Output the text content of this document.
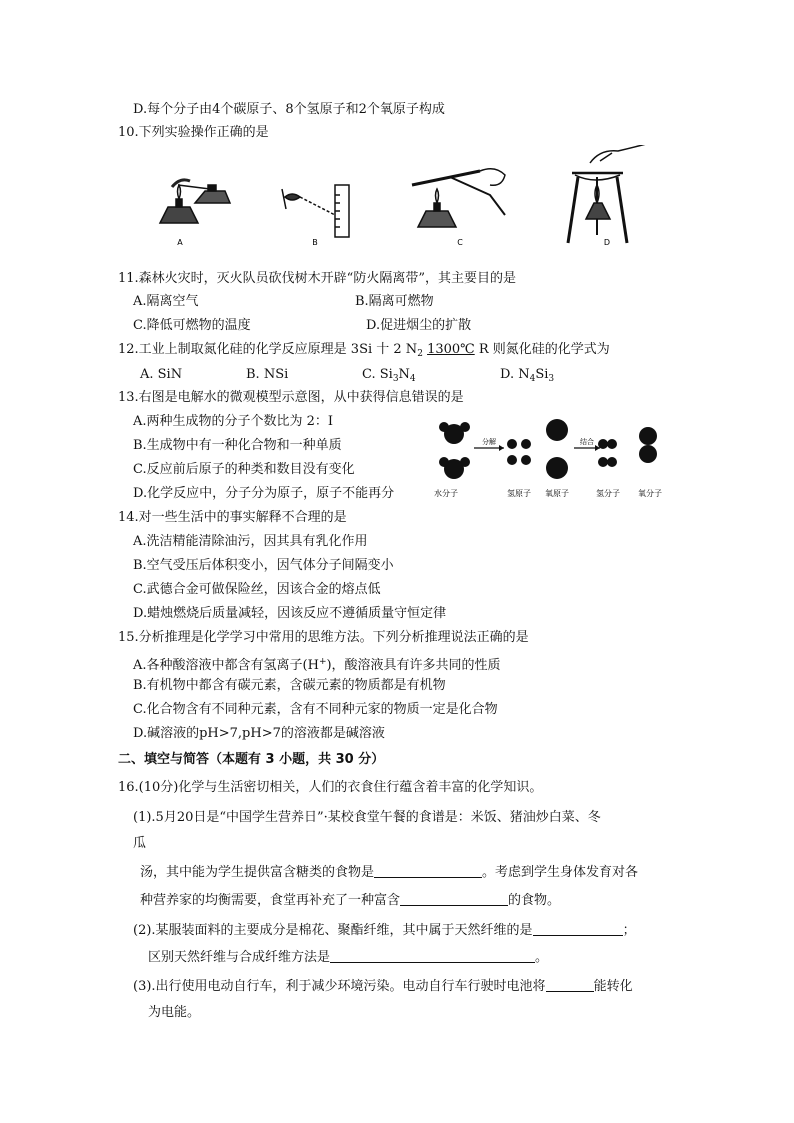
D.每个分子由4个碳原子、8个氢原子和2个氧原子构成
10.下列实验操作正确的是
A	B	C	D
11.森林火灾时，灭火队员砍伐树木开辟“防火隔离带”，其主要目的是
A.隔离空气	B.隔离可燃物
C.降低可燃物的温度	D.促进烟尘的扩散
12.工业上制取氮化硅的化学反应原理是 3Si 十 2 $N_2$ 1300℃ R 则氮化硅的化学式为
A. SiN	B. NSi	C. $Si_3N_4$	D. $N_4Si_3$
13.右图是电解水的微观模型示意图，从中获得信息错误的是
A.两种生成物的分子个数比为 2：I
B.生成物中有一种化合物和一种单质
C.反应前后原子的种类和数目没有变化
D.化学反应中，分子分为原子，原子不能再分
分解	结合
水分子	氢原子 氧原子	氢分子 氧分子
14.对一些生活中的事实解释不合理的是
A.洗洁精能清除油污，因其具有乳化作用
B.空气受压后体积变小，因气体分子间隔变小
C.武德合金可做保险丝，因该合金的熔点低
D.蜡烛燃烧后质量减轻，因该反应不遵循质量守恒定律
15.分析推理是化学学习中常用的思维方法。下列分析推理说法正确的是
A.各种酸溶液中都含有氢离子(H+)，酸溶液具有许多共同的性质
B.有机物中都含有碳元素，含碳元素的物质都是有机物
C.化合物含有不同种元素，含有不同种元家的物质一定是化合物
D.碱溶液的pH>7,pH>7的溶液都是碱溶液
二、填空与简答（本题有 3 小题，共 30 分）
16.(10分)化学与生活密切相关，人们的衣食住行蕴含着丰富的化学知识。
(1).5月20日是“中国学生营养日”·某校食堂午餐的食谱是：米饭、猪油炒白菜、冬
瓜
汤，其中能为学生提供富含糖类的食物是	。考虑到学生身体发育对各
种营养家的均衡需要，食堂再补充了一种富含	的食物。
(2).某服装面料的主要成分是棉花、聚酯纤维，其中属于天然纤维的是	；
区别天然纤维与合成纤维方法是	。
(3).出行使用电动自行车，利于减少环境污染。电动自行车行驶时电池将	能转化
为电能。
